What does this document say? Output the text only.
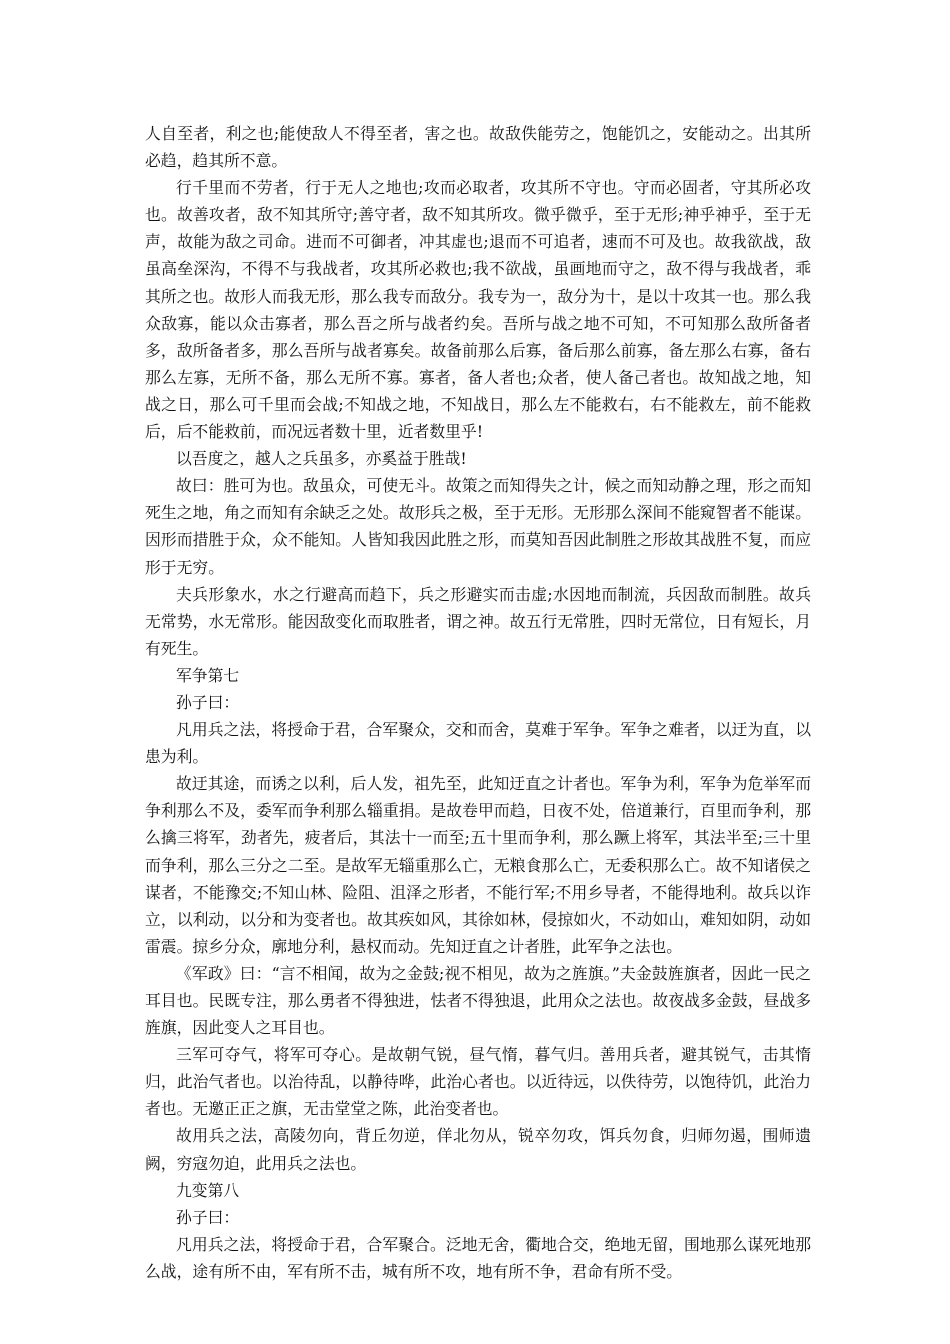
人自至者，利之也;能使敌人不得至者，害之也。故敌佚能劳之，饱能饥之，安能动之。出其所必趋，趋其所不意。

行千里而不劳者，行于无人之地也;攻而必取者，攻其所不守也。守而必固者，守其所必攻也。故善攻者，敌不知其所守;善守者，敌不知其所攻。微乎微乎，至于无形;神乎神乎，至于无声，故能为敌之司命。进而不可御者，冲其虚也;退而不可追者，速而不可及也。故我欲战，敌虽高垒深沟，不得不与我战者，攻其所必救也;我不欲战，虽画地而守之，敌不得与我战者，乖其所之也。故形人而我无形，那么我专而敌分。我专为一，敌分为十，是以十攻其一也。那么我众敌寡，能以众击寡者，那么吾之所与战者约矣。吾所与战之地不可知，不可知那么敌所备者多，敌所备者多，那么吾所与战者寡矣。故备前那么后寡，备后那么前寡，备左那么右寡，备右那么左寡，无所不备，那么无所不寡。寡者，备人者也;众者，使人备己者也。故知战之地，知战之日，那么可千里而会战;不知战之地，不知战日，那么左不能救右，右不能救左，前不能救后，后不能救前，而况远者数十里，近者数里乎!

以吾度之，越人之兵虽多，亦奚益于胜哉!

故曰：胜可为也。敌虽众，可使无斗。故策之而知得失之计，候之而知动静之理，形之而知死生之地，角之而知有余缺乏之处。故形兵之极，至于无形。无形那么深间不能窥智者不能谋。因形而措胜于众，众不能知。人皆知我因此胜之形，而莫知吾因此制胜之形故其战胜不复，而应形于无穷。

夫兵形象水，水之行避高而趋下，兵之形避实而击虚;水因地而制流，兵因敌而制胜。故兵无常势，水无常形。能因敌变化而取胜者，谓之神。故五行无常胜，四时无常位，日有短长，月有死生。

军争第七

孙子曰：

凡用兵之法，将授命于君，合军聚众，交和而舍，莫难于军争。军争之难者，以迂为直，以患为利。

故迂其途，而诱之以利，后人发，祖先至，此知迂直之计者也。军争为利，军争为危举军而争利那么不及，委军而争利那么辎重捐。是故卷甲而趋，日夜不处，倍道兼行，百里而争利，那么擒三将军，劲者先，疲者后，其法十一而至;五十里而争利，那么蹶上将军，其法半至;三十里而争利，那么三分之二至。是故军无辎重那么亡，无粮食那么亡，无委积那么亡。故不知诸侯之谋者，不能豫交;不知山林、险阻、沮泽之形者，不能行军;不用乡导者，不能得地利。故兵以诈立，以利动，以分和为变者也。故其疾如风，其徐如林，侵掠如火，不动如山，难知如阴，动如雷震。掠乡分众，廓地分利，悬权而动。先知迂直之计者胜，此军争之法也。

《军政》曰：“言不相闻，故为之金鼓;视不相见，故为之旌旗。”夫金鼓旌旗者，因此一民之耳目也。民既专注，那么勇者不得独进，怯者不得独退，此用众之法也。故夜战多金鼓，昼战多旌旗，因此变人之耳目也。

三军可夺气，将军可夺心。是故朝气锐，昼气惰，暮气归。善用兵者，避其锐气，击其惰归，此治气者也。以治待乱，以静待哗，此治心者也。以近待远，以佚待劳，以饱待饥，此治力者也。无邀正正之旗，无击堂堂之陈，此治变者也。

故用兵之法，高陵勿向，背丘勿逆，佯北勿从，锐卒勿攻，饵兵勿食，归师勿遏，围师遗阙，穷寇勿迫，此用兵之法也。

九变第八

孙子曰：

凡用兵之法，将授命于君，合军聚合。泛地无舍，衢地合交，绝地无留，围地那么谋死地那么战，途有所不由，军有所不击，城有所不攻，地有所不争，君命有所不受。
